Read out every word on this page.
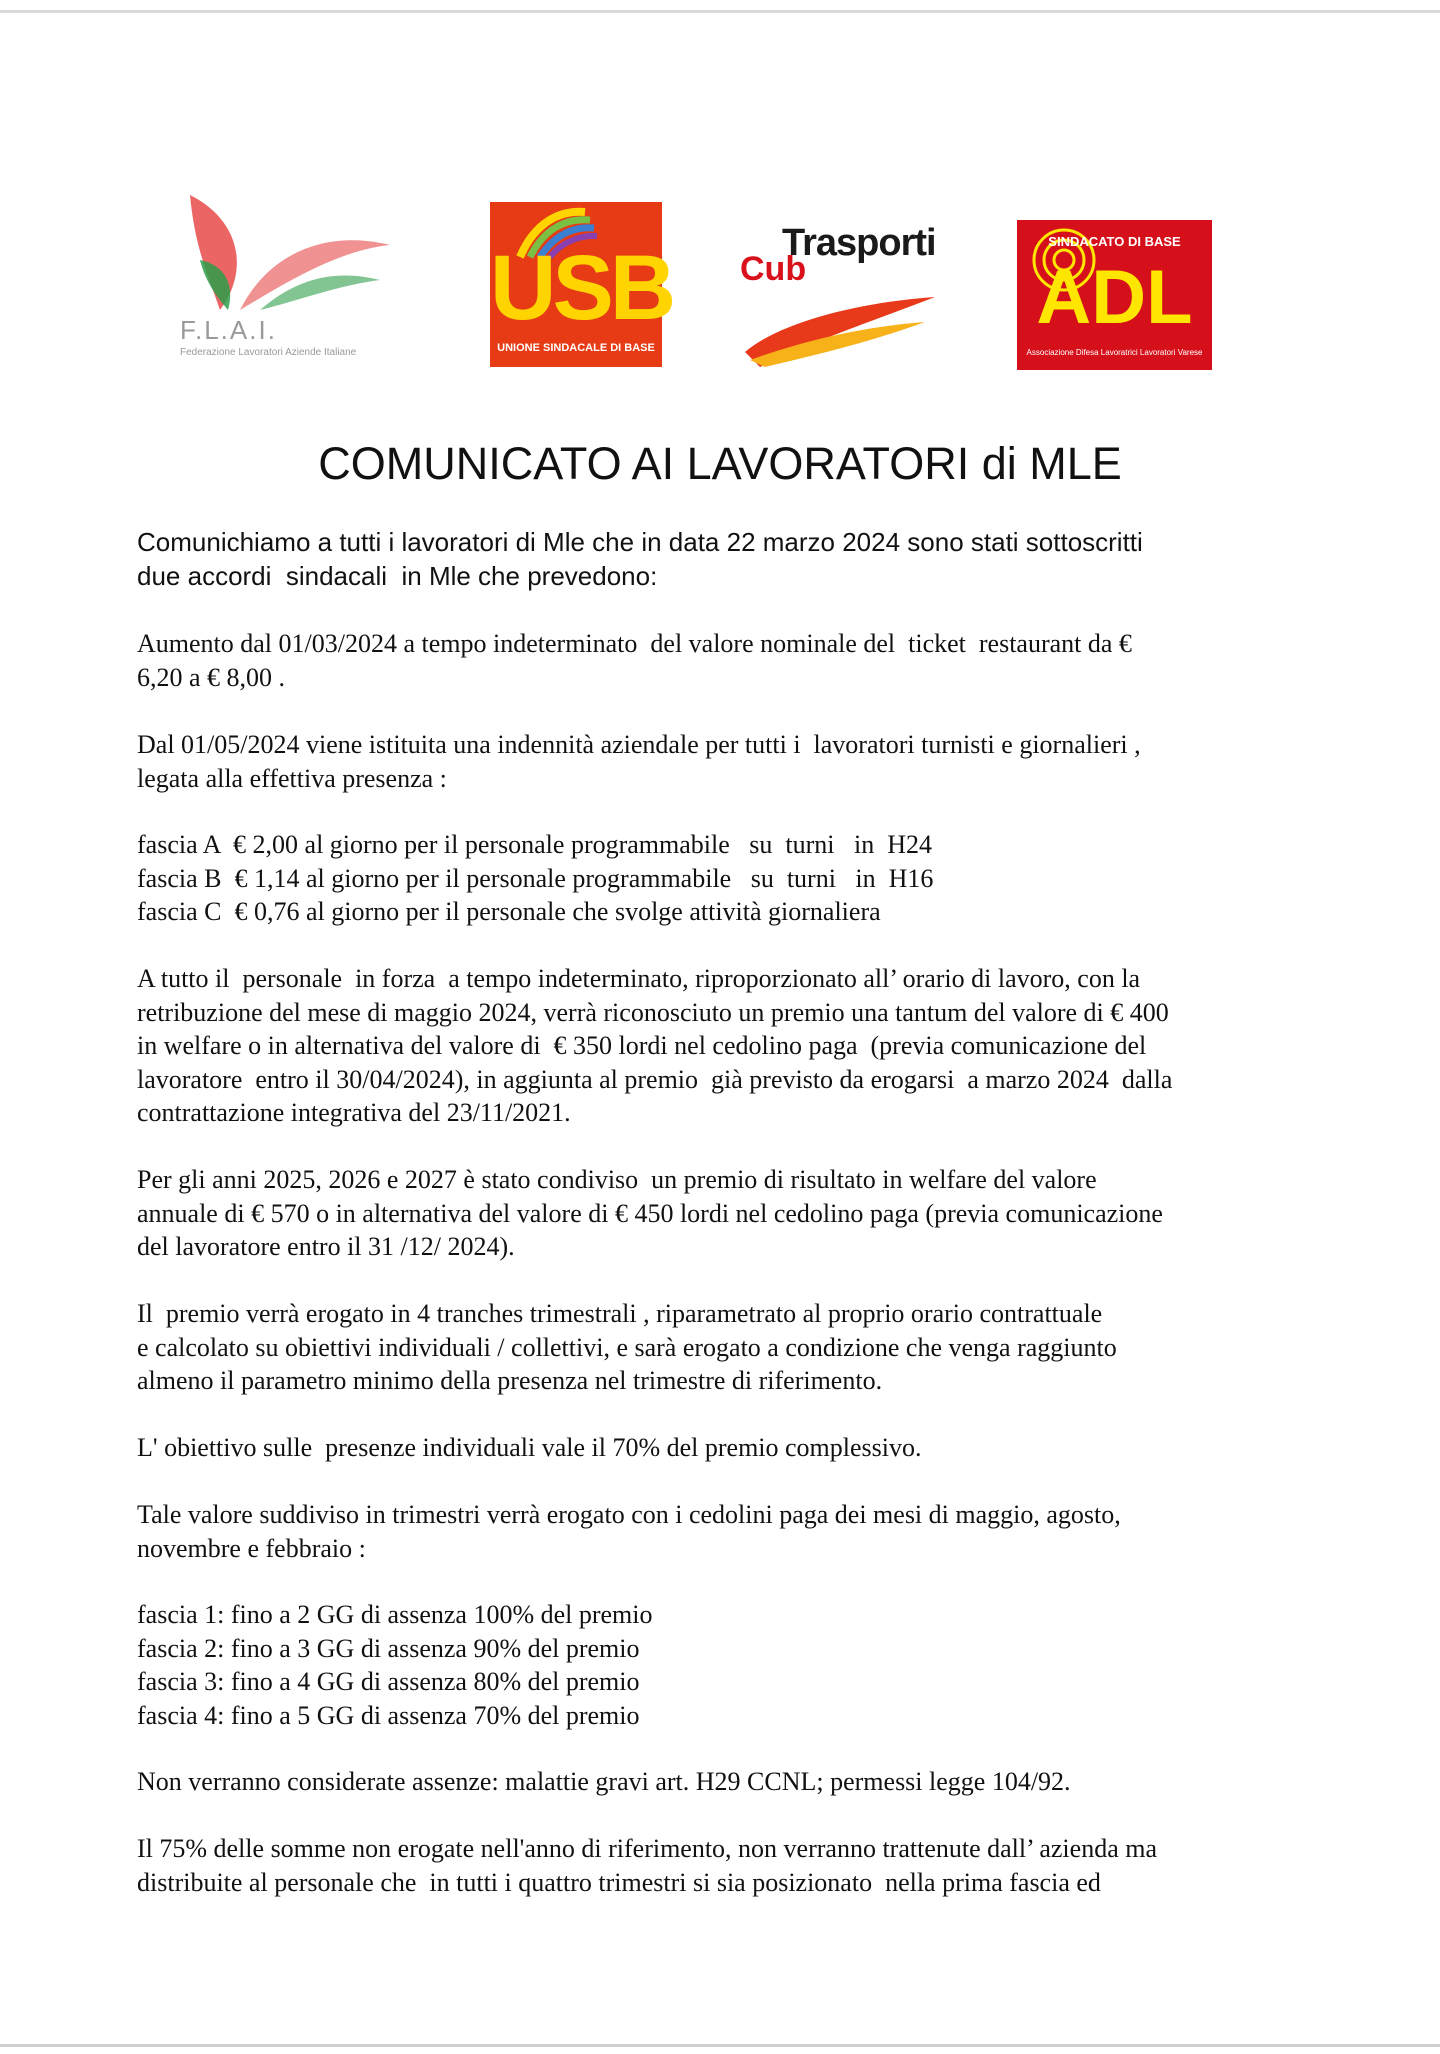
F.L.A.I.
Federazione Lavoratori Aziende Italiane
USB
UNIONE SINDACALE DI BASE
Trasporti
Cub
SINDACATO DI BASE
ADL
Associazione Difesa Lavoratrici Lavoratori Varese
COMUNICATO AI LAVORATORI di MLE
Comunichiamo a tutti i lavoratori di Mle che in data 22 marzo 2024 sono stati sottoscritti
due accordi  sindacali  in Mle che prevedono:
Aumento dal 01/03/2024 a tempo indeterminato  del valore nominale del  ticket  restaurant da €
6,20 a € 8,00 .
Dal 01/05/2024 viene istituita una indennità aziendale per tutti i  lavoratori turnisti e giornalieri ,
legata alla effettiva presenza :
fascia A  € 2,00 al giorno per il personale programmabile   su  turni   in  H24
fascia B  € 1,14 al giorno per il personale programmabile   su  turni   in  H16
fascia C  € 0,76 al giorno per il personale che svolge attività giornaliera
A tutto il  personale  in forza  a tempo indeterminato, riproporzionato all’ orario di lavoro, con la
retribuzione del mese di maggio 2024, verrà riconosciuto un premio una tantum del valore di € 400
in welfare o in alternativa del valore di  € 350 lordi nel cedolino paga  (previa comunicazione del
lavoratore  entro il 30/04/2024), in aggiunta al premio  già previsto da erogarsi  a marzo 2024  dalla
contrattazione integrativa del 23/11/2021.
Per gli anni 2025, 2026 e 2027 è stato condiviso  un premio di risultato in welfare del valore
annuale di € 570 o in alternativa del valore di € 450 lordi nel cedolino paga (previa comunicazione
del lavoratore entro il 31 /12/ 2024).
Il  premio verrà erogato in 4 tranches trimestrali , riparametrato al proprio orario contrattuale
e calcolato su obiettivi individuali / collettivi, e sarà erogato a condizione che venga raggiunto
almeno il parametro minimo della presenza nel trimestre di riferimento.
L' obiettivo sulle  presenze individuali vale il 70% del premio complessivo.
Tale valore suddiviso in trimestri verrà erogato con i cedolini paga dei mesi di maggio, agosto,
novembre e febbraio :
fascia 1: fino a 2 GG di assenza 100% del premio
fascia 2: fino a 3 GG di assenza 90% del premio
fascia 3: fino a 4 GG di assenza 80% del premio
fascia 4: fino a 5 GG di assenza 70% del premio
Non verranno considerate assenze: malattie gravi art. H29 CCNL; permessi legge 104/92.
Il 75% delle somme non erogate nell'anno di riferimento, non verranno trattenute dall’ azienda ma
distribuite al personale che  in tutti i quattro trimestri si sia posizionato  nella prima fascia ed
